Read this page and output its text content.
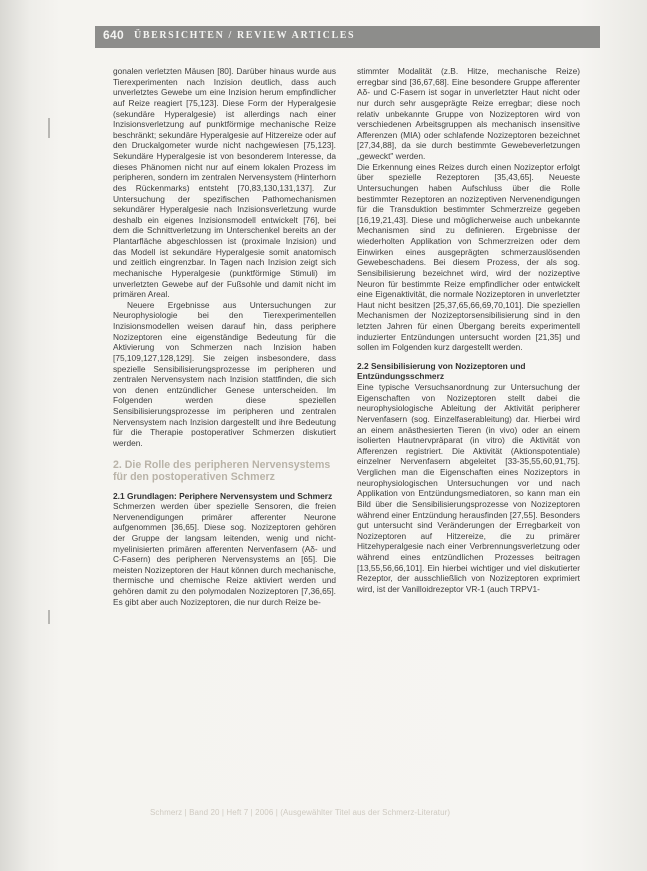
640 ÜBERSICHTEN / REVIEW ARTICLES

gonalen verletzten Mäusen [80]. Darüber hinaus wurde aus Tierexperimenten nach Inzision deutlich, dass auch unverletztes Gewebe um eine Inzision herum empfindlicher auf Reize reagiert [75,123]. Diese Form der Hyperalgesie (sekundäre Hyperalgesie) ist allerdings nach einer Inzisionsverletzung auf punktförmige mechanische Reize beschränkt; sekundäre Hyperalgesie auf Hitzereize oder auf den Druckalgometer wurde nicht nachgewiesen [75,123]. Sekundäre Hyperalgesie ist von besonderem Interesse, da dieses Phänomen nicht nur auf einem lokalen Prozess im peripheren, sondern im zentralen Nervensystem (Hinterhorn des Rückenmarks) entsteht [70,83,130,131,137]. Zur Untersuchung der spezifischen Pathomechanismen sekundärer Hyperalgesie nach Inzisionsverletzung wurde deshalb ein eigenes Inzisionsmodell entwickelt [76], bei dem die Schnittverletzung im Unterschenkel bereits an der Plantarfläche abgeschlossen ist (proximale Inzision) und das Modell ist sekundäre Hyperalgesie somit anatomisch und zeitlich eingrenzbar. In Tagen nach Inzision zeigt sich mechanische Hyperalgesie (punktförmige Stimuli) im unverletzten Gewebe auf der Fußsohle und damit nicht im primären Areal.

Neuere Ergebnisse aus Untersuchungen zur Neurophysiologie bei den Tierexperimentellen Inzisionsmodellen weisen darauf hin, dass periphere Nozizeptoren eine eigenständige Bedeutung für die Aktivierung von Schmerzen nach Inzision haben [75,109,127,128,129]. Sie zeigen insbesondere, dass spezielle Sensibilisierungsprozesse im peripheren und zentralen Nervensystem nach Inzision stattfinden, die sich von denen entzündlicher Genese unterscheiden. Im Folgenden werden diese speziellen Sensibilisierungsprozesse im peripheren und zentralen Nervensystem nach Inzision dargestellt und ihre Bedeutung für die Therapie postoperativer Schmerzen diskutiert werden.

2. Die Rolle des peripheren Nervensystems für den postoperativen Schmerz
2.1 Grundlagen: Periphere Nervensystem und Schmerz

Schmerzen werden über spezielle Sensoren, die freien Nervenendigungen primärer afferenter Neurone aufgenommen [36,65]. Diese sog. Nozizeptoren gehören der Gruppe der langsam leitenden, wenig und nicht-myelinisierten primären afferenten Nervenfasern (Aδ- und C-Fasern) des peripheren Nervensystems an [65]. Die meisten Nozizeptoren der Haut können durch mechanische, thermische und chemische Reize aktiviert werden und gehören damit zu den polymodalen Nozizeptoren [7,36,65]. Es gibt aber auch Nozizeptoren, die nur durch Reize be-

stimmter Modalität (z.B. Hitze, mechanische Reize) erregbar sind [36,67,68]. Eine besondere Gruppe afferenter Aδ- und C-Fasern ist sogar in unverletzter Haut nicht oder nur durch sehr ausgeprägte Reize erregbar; diese noch relativ unbekannte Gruppe von Nozizeptoren wird von verschiedenen Arbeitsgruppen als mechanisch insensitive Afferenzen (MIA) oder schlafende Nozizeptoren bezeichnet [27,34,88], da sie durch bestimmte Gewebeverletzungen „geweckt" werden.

Die Erkennung eines Reizes durch einen Nozizeptor erfolgt über spezielle Rezeptoren [35,43,65]. Neueste Untersuchungen haben Aufschluss über die Rolle bestimmter Rezeptoren an nozizeptiven Nervenendigungen für die Transduktion bestimmter Schmerzreize gegeben [16,19,21,43]. Diese und möglicherweise auch unbekannte Mechanismen sind zu definieren. Ergebnisse der wiederholten Applikation von Schmerzreizen oder dem Einwirken eines ausgeprägten schmerzauslösenden Gewebeschadens. Bei diesem Prozess, der als sog. Sensibilisierung bezeichnet wird, wird der nozizeptive Neuron für bestimmte Reize empfindlicher oder entwickelt eine Eigenaktivität, die normale Nozizeptoren in unverletzter Haut nicht besitzen [25,37,65,66,69,70,101]. Die speziellen Mechanismen der Nozizeptorsensibilisierung sind in den letzten Jahren für einen Übergang bereits experimentell induzierter Entzündungen untersucht worden [21,35] und sollen im Folgenden kurz dargestellt werden.

2.2 Sensibilisierung von Nozizeptoren und Entzündungsschmerz

Eine typische Versuchsanordnung zur Untersuchung der Eigenschaften von Nozizeptoren stellt dabei die neurophysiologische Ableitung der Aktivität peripherer Nervenfasern (sog. Einzelfaserableitung) dar. Hierbei wird an einem anästhesierten Tieren (in vivo) oder an einem isolierten Hautnervpräparat (in vitro) die Aktivität von Afferenzen registriert. Die Aktivität (Aktionspotentiale) einzelner Nervenfasern abgeleitet [33-35,55,60,91,75]. Verglichen man die Eigenschaften eines Nozizeptors in neurophysiologischen Untersuchungen vor und nach Applikation von Entzündungsmediatoren, so kann man ein Bild über die Sensibilisierungsprozesse von Nozizeptoren während einer Entzündung herausfinden [27,55]. Besonders gut untersucht sind Veränderungen der Erregbarkeit von Nozizeptoren auf Hitzereize, die zu primärer Hitzehyperalgesie nach einer Verbrennungsverletzung oder während eines entzündlichen Prozesses beitragen [13,55,56,66,101]. Ein hierbei wichtiger und viel diskutierter Rezeptor, der ausschließlich von Nozizeptoren exprimiert wird, ist der Vanilloidrezeptor VR-1 (auch TRPV1-

Schmerz | Band 20 | Heft 7 | 2006 | (Ausgewählter Titel aus der Schmerz-Literatur)
